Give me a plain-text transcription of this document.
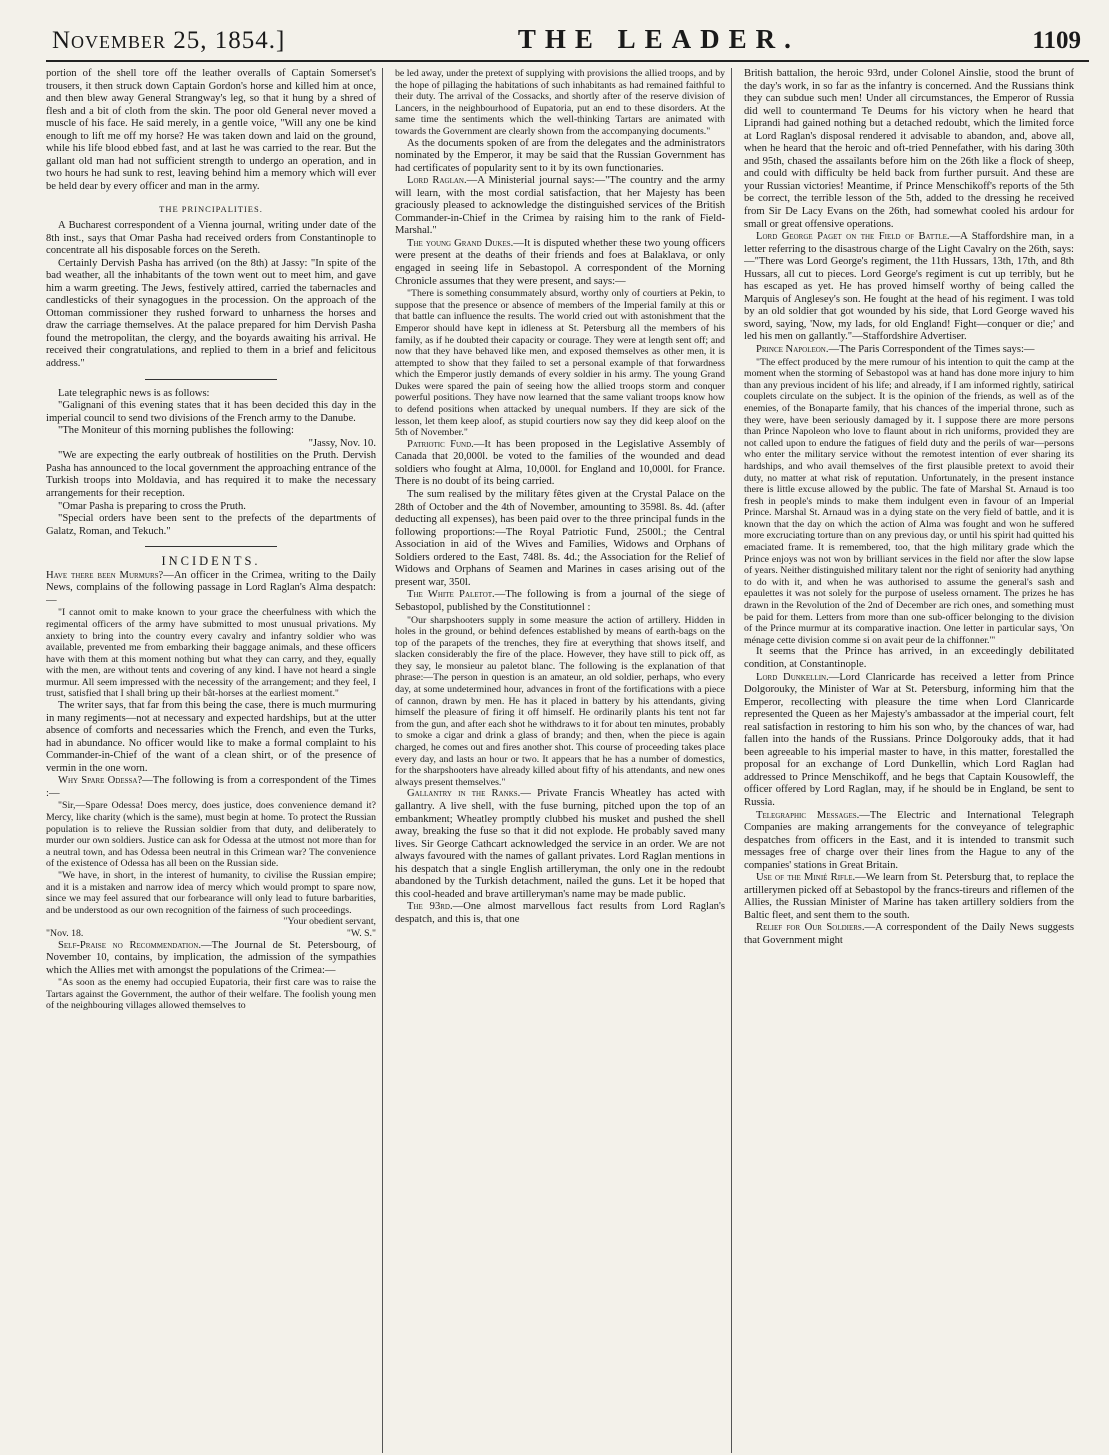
November 25, 1854.]	THE LEADER.	1109

portion of the shell tore off the leather overalls of Captain Somerset's trousers, it then struck down Captain Gordon's horse and killed him at once, and then blew away General Strangway's leg, so that it hung by a shred of flesh and a bit of cloth from the skin. The poor old General never moved a muscle of his face. He said merely, in a gentle voice, "Will any one be kind enough to lift me off my horse? He was taken down and laid on the ground, while his life blood ebbed fast, and at last he was carried to the rear. But the gallant old man had not sufficient strength to undergo an operation, and in two hours he had sunk to rest, leaving behind him a memory which will ever be held dear by every officer and man in the army.

THE PRINCIPALITIES.

A Bucharest correspondent of a Vienna journal, writing under date of the 8th inst., says that Omar Pasha had received orders from Constantinople to concentrate all his disposable forces on the Sereth.

Certainly Dervish Pasha has arrived (on the 8th) at Jassy: "In spite of the bad weather, all the inhabitants of the town went out to meet him, and gave him a warm greeting. The Jews, festively attired, carried the tabernacles and candlesticks of their synagogues in the procession. On the approach of the Ottoman commissioner they rushed forward to unharness the horses and draw the carriage themselves. At the palace prepared for him Dervish Pasha found the metropolitan, the clergy, and the boyards awaiting his arrival. He received their congratulations, and replied to them in a brief and felicitous address."

Late telegraphic news is as follows:

"Galignani of this evening states that it has been decided this day in the imperial council to send two divisions of the French army to the Danube.

"The Moniteur of this morning publishes the following:

"Jassy, Nov. 10.

"We are expecting the early outbreak of hostilities on the Pruth. Dervish Pasha has announced to the local government the approaching entrance of the Turkish troops into Moldavia, and has required it to make the necessary arrangements for their reception.

"Omar Pasha is preparing to cross the Pruth.

"Special orders have been sent to the prefects of the departments of Galatz, Roman, and Tekuch."

INCIDENTS.

Have there been Murmurs?—An officer in the Crimea, writing to the Daily News, complains of the following passage in Lord Raglan's Alma despatch:—

"I cannot omit to make known to your grace the cheerfulness with which the regimental officers of the army have submitted to most unusual privations. My anxiety to bring into the country every cavalry and infantry soldier who was available, prevented me from embarking their baggage animals, and these officers have with them at this moment nothing but what they can carry, and they, equally with the men, are without tents and covering of any kind. I have not heard a single murmur. All seem impressed with the necessity of the arrangement; and they feel, I trust, satisfied that I shall bring up their bât-horses at the earliest moment."

The writer says, that far from this being the case, there is much murmuring in many regiments—not at necessary and expected hardships, but at the utter absence of comforts and necessaries which the French, and even the Turks, had in abundance. No officer would like to make a formal complaint to his Commander-in-Chief of the want of a clean shirt, or of the presence of vermin in the one worn.

Why Spare Odessa?—The following is from a correspondent of the Times :—

"Sir,—Spare Odessa! Does mercy, does justice, does convenience demand it? Mercy, like charity (which is the same), must begin at home. To protect the Russian population is to relieve the Russian soldier from that duty, and deliberately to murder our own soldiers. Justice can ask for Odessa at the utmost not more than for a neutral town, and has Odessa been neutral in this Crimean war? The convenience of the existence of Odessa has all been on the Russian side.

"We have, in short, in the interest of humanity, to civilise the Russian empire; and it is a mistaken and narrow idea of mercy which would prompt to spare now, since we may feel assured that our forbearance will only lead to future barbarities, and be understood as our own recognition of the fairness of such proceedings.

"Your obedient servant,

"Nov. 18.	"W. S."

Self-Praise no Recommendation.—The Journal de St. Petersbourg, of November 10, contains, by implication, the admission of the sympathies which the Allies met with amongst the populations of the Crimea:—

"As soon as the enemy had occupied Eupatoria, their first care was to raise the Tartars against the Government, the author of their welfare. The foolish young men of the neighbouring villages allowed themselves to

be led away, under the pretext of supplying with provisions the allied troops, and by the hope of pillaging the habitations of such inhabitants as had remained faithful to their duty. The arrival of the Cossacks, and shortly after of the reserve division of Lancers, in the neighbourhood of Eupatoria, put an end to these disorders. At the same time the sentiments which the well-thinking Tartars are animated with towards the Government are clearly shown from the accompanying documents."

As the documents spoken of are from the delegates and the administrators nominated by the Emperor, it may be said that the Russian Government has had certificates of popularity sent to it by its own functionaries.

Lord Raglan.—A Ministerial journal says:—"The country and the army will learn, with the most cordial satisfaction, that her Majesty has been graciously pleased to acknowledge the distinguished services of the British Commander-in-Chief in the Crimea by raising him to the rank of Field-Marshal."

The young Grand Dukes.—It is disputed whether these two young officers were present at the deaths of their friends and foes at Balaklava, or only engaged in seeing life in Sebastopol. A correspondent of the Morning Chronicle assumes that they were present, and says:—

"There is something consummately absurd, worthy only of courtiers at Pekin, to suppose that the presence or absence of members of the Imperial family at this or that battle can influence the results. The world cried out with astonishment that the Emperor should have kept in idleness at St. Petersburg all the members of his family, as if he doubted their capacity or courage. They were at length sent off; and now that they have behaved like men, and exposed themselves as other men, it is attempted to show that they failed to set a personal example of that forwardness which the Emperor justly demands of every soldier in his army. The young Grand Dukes were spared the pain of seeing how the allied troops storm and conquer powerful positions. They have now learned that the same valiant troops know how to defend positions when attacked by unequal numbers. If they are sick of the lesson, let them keep aloof, as stupid courtiers now say they did keep aloof on the 5th of November."

Patriotic Fund.—It has been proposed in the Legislative Assembly of Canada that 20,000l. be voted to the families of the wounded and dead soldiers who fought at Alma, 10,000l. for England and 10,000l. for France. There is no doubt of its being carried.

The sum realised by the military fêtes given at the Crystal Palace on the 28th of October and the 4th of November, amounting to 3598l. 8s. 4d. (after deducting all expenses), has been paid over to the three principal funds in the following proportions:—The Royal Patriotic Fund, 2500l.; the Central Association in aid of the Wives and Families, Widows and Orphans of Soldiers ordered to the East, 748l. 8s. 4d.; the Association for the Relief of Widows and Orphans of Seamen and Marines in cases arising out of the present war, 350l.

The White Paletot.—The following is from a journal of the siege of Sebastopol, published by the Constitutionnel :

"Our sharpshooters supply in some measure the action of artillery. Hidden in holes in the ground, or behind defences established by means of earth-bags on the top of the parapets of the trenches, they fire at everything that shows itself, and slacken considerably the fire of the place. However, they have still to pick off, as they say, le monsieur au paletot blanc. The following is the explanation of that phrase:—The person in question is an amateur, an old soldier, perhaps, who every day, at some undetermined hour, advances in front of the fortifications with a piece of cannon, drawn by men. He has it placed in battery by his attendants, giving himself the pleasure of firing it off himself. He ordinarily plants his tent not far from the gun, and after each shot he withdraws to it for about ten minutes, probably to smoke a cigar and drink a glass of brandy; and then, when the piece is again charged, he comes out and fires another shot. This course of proceeding takes place every day, and lasts an hour or two. It appears that he has a number of domestics, for the sharpshooters have already killed about fifty of his attendants, and new ones always present themselves."

Gallantry in the Ranks.— Private Francis Wheatley has acted with gallantry. A live shell, with the fuse burning, pitched upon the top of an embankment; Wheatley promptly clubbed his musket and pushed the shell away, breaking the fuse so that it did not explode. He probably saved many lives. Sir George Cathcart acknowledged the service in an order. We are not always favoured with the names of gallant privates. Lord Raglan mentions in his despatch that a single English artilleryman, the only one in the redoubt abandoned by the Turkish detachment, nailed the guns. Let it be hoped that this cool-headed and brave artilleryman's name may be made public.

The 93rd.—One almost marvellous fact results from Lord Raglan's despatch, and this is, that one

British battalion, the heroic 93rd, under Colonel Ainslie, stood the brunt of the day's work, in so far as the infantry is concerned. And the Russians think they can subdue such men! Under all circumstances, the Emperor of Russia did well to countermand Te Deums for his victory when he heard that Liprandi had gained nothing but a detached redoubt, which the limited force at Lord Raglan's disposal rendered it advisable to abandon, and, above all, when he heard that the heroic and oft-tried Pennefather, with his daring 30th and 95th, chased the assailants before him on the 26th like a flock of sheep, and could with difficulty be held back from further pursuit. And these are your Russian victories! Meantime, if Prince Menschikoff's reports of the 5th be correct, the terrible lesson of the 5th, added to the dressing he received from Sir De Lacy Evans on the 26th, had somewhat cooled his ardour for small or great offensive operations.

Lord George Paget on the Field of Battle.—A Staffordshire man, in a letter referring to the disastrous charge of the Light Cavalry on the 26th, says:—"There was Lord George's regiment, the 11th Hussars, 13th, 17th, and 8th Hussars, all cut to pieces. Lord George's regiment is cut up terribly, but he has escaped as yet. He has proved himself worthy of being called the Marquis of Anglesey's son. He fought at the head of his regiment. I was told by an old soldier that got wounded by his side, that Lord George waved his sword, saying, 'Now, my lads, for old England! Fight—conquer or die;' and led his men on gallantly."—Staffordshire Advertiser.

Prince Napoleon.—The Paris Correspondent of the Times says:—

"The effect produced by the mere rumour of his intention to quit the camp at the moment when the storming of Sebastopol was at hand has done more injury to him than any previous incident of his life; and already, if I am informed rightly, satirical couplets circulate on the subject. It is the opinion of the friends, as well as of the enemies, of the Bonaparte family, that his chances of the imperial throne, such as they were, have been seriously damaged by it. I suppose there are more persons than Prince Napoleon who love to flaunt about in rich uniforms, provided they are not called upon to endure the fatigues of field duty and the perils of war—persons who enter the military service without the remotest intention of ever sharing its hardships, and who avail themselves of the first plausible pretext to avoid their duty, no matter at what risk of reputation. Unfortunately, in the present instance there is little excuse allowed by the public. The fate of Marshal St. Arnaud is too fresh in people's minds to make them indulgent even in favour of an Imperial Prince. Marshal St. Arnaud was in a dying state on the very field of battle, and it is known that the day on which the action of Alma was fought and won he suffered more excruciating torture than on any previous day, or until his spirit had quitted his emaciated frame. It is remembered, too, that the high military grade which the Prince enjoys was not won by brilliant services in the field nor after the slow lapse of years. Neither distinguished military talent nor the right of seniority had anything to do with it, and when he was authorised to assume the general's sash and epaulettes it was not solely for the purpose of useless ornament. The prizes he has drawn in the Revolution of the 2nd of December are rich ones, and something must be paid for them. Letters from more than one sub-officer belonging to the division of the Prince murmur at its comparative inaction. One letter in particular says, 'On ménage cette division comme si on avait peur de la chiffonner.'"

It seems that the Prince has arrived, in an exceedingly debilitated condition, at Constantinople.

Lord Dunkellin.—Lord Clanricarde has received a letter from Prince Dolgorouky, the Minister of War at St. Petersburg, informing him that the Emperor, recollecting with pleasure the time when Lord Clanricarde represented the Queen as her Majesty's ambassador at the imperial court, felt real satisfaction in restoring to him his son who, by the chances of war, had fallen into the hands of the Russians. Prince Dolgorouky adds, that it had been agreeable to his imperial master to have, in this matter, forestalled the proposal for an exchange of Lord Dunkellin, which Lord Raglan had addressed to Prince Menschikoff, and he begs that Captain Kousowleff, the officer offered by Lord Raglan, may, if he should be in England, be sent to Russia.

Telegraphic Messages.—The Electric and International Telegraph Companies are making arrangements for the conveyance of telegraphic despatches from officers in the East, and it is intended to transmit such messages free of charge over their lines from the Hague to any of the companies' stations in Great Britain.

Use of the Minié Rifle.—We learn from St. Petersburg that, to replace the artillerymen picked off at Sebastopol by the francs-tireurs and riflemen of the Allies, the Russian Minister of Marine has taken artillery soldiers from the Baltic fleet, and sent them to the south.

Relief for Our Soldiers.—A correspondent of the Daily News suggests that Government might
